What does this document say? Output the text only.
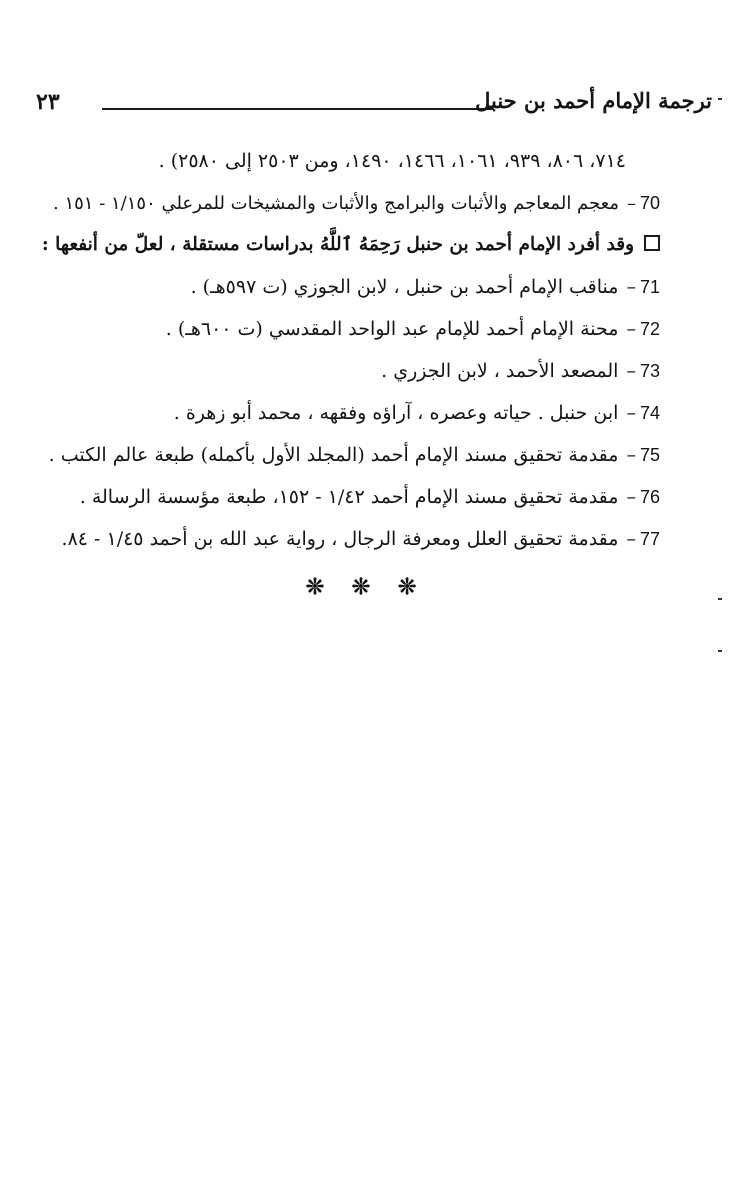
٢٣	ترجمة الإمام أحمد بن حنبل
٧١٤، ٨٠٦، ٩٣٩، ١٠٦١، ١٤٦٦، ١٤٩٠، ومن ٢٥٠٣ إلى ٢٥٨٠) .
70–معجم المعاجم والأثبات والبرامج والأثبات والمشيخات للمرعلي ١/١٥٠ - ١٥١ .
وقد أفرد الإمام أحمد بن حنبل رَحِمَهُ ٱللَّهُ بدراسات مستقلة ، لعلّ من أنفعها :
71–مناقب الإمام أحمد بن حنبل ، لابن الجوزي (ت ٥٩٧هـ) .
72–محنة الإمام أحمد للإمام عبد الواحد المقدسي (ت ٦٠٠هـ) .
73–المصعد الأحمد ، لابن الجزري .
74–ابن حنبل . حياته وعصره ، آراؤه وفقهه ، محمد أبو زهرة .
75–مقدمة تحقيق مسند الإمام أحمد (المجلد الأول بأكمله) طبعة عالم الكتب .
76–مقدمة تحقيق مسند الإمام أحمد ١/٤٢ - ١٥٢، طبعة مؤسسة الرسالة .
77–مقدمة تحقيق العلل ومعرفة الرجال ، رواية عبد الله بن أحمد ١/٤٥ - ٨٤.
❊ ❊ ❊
